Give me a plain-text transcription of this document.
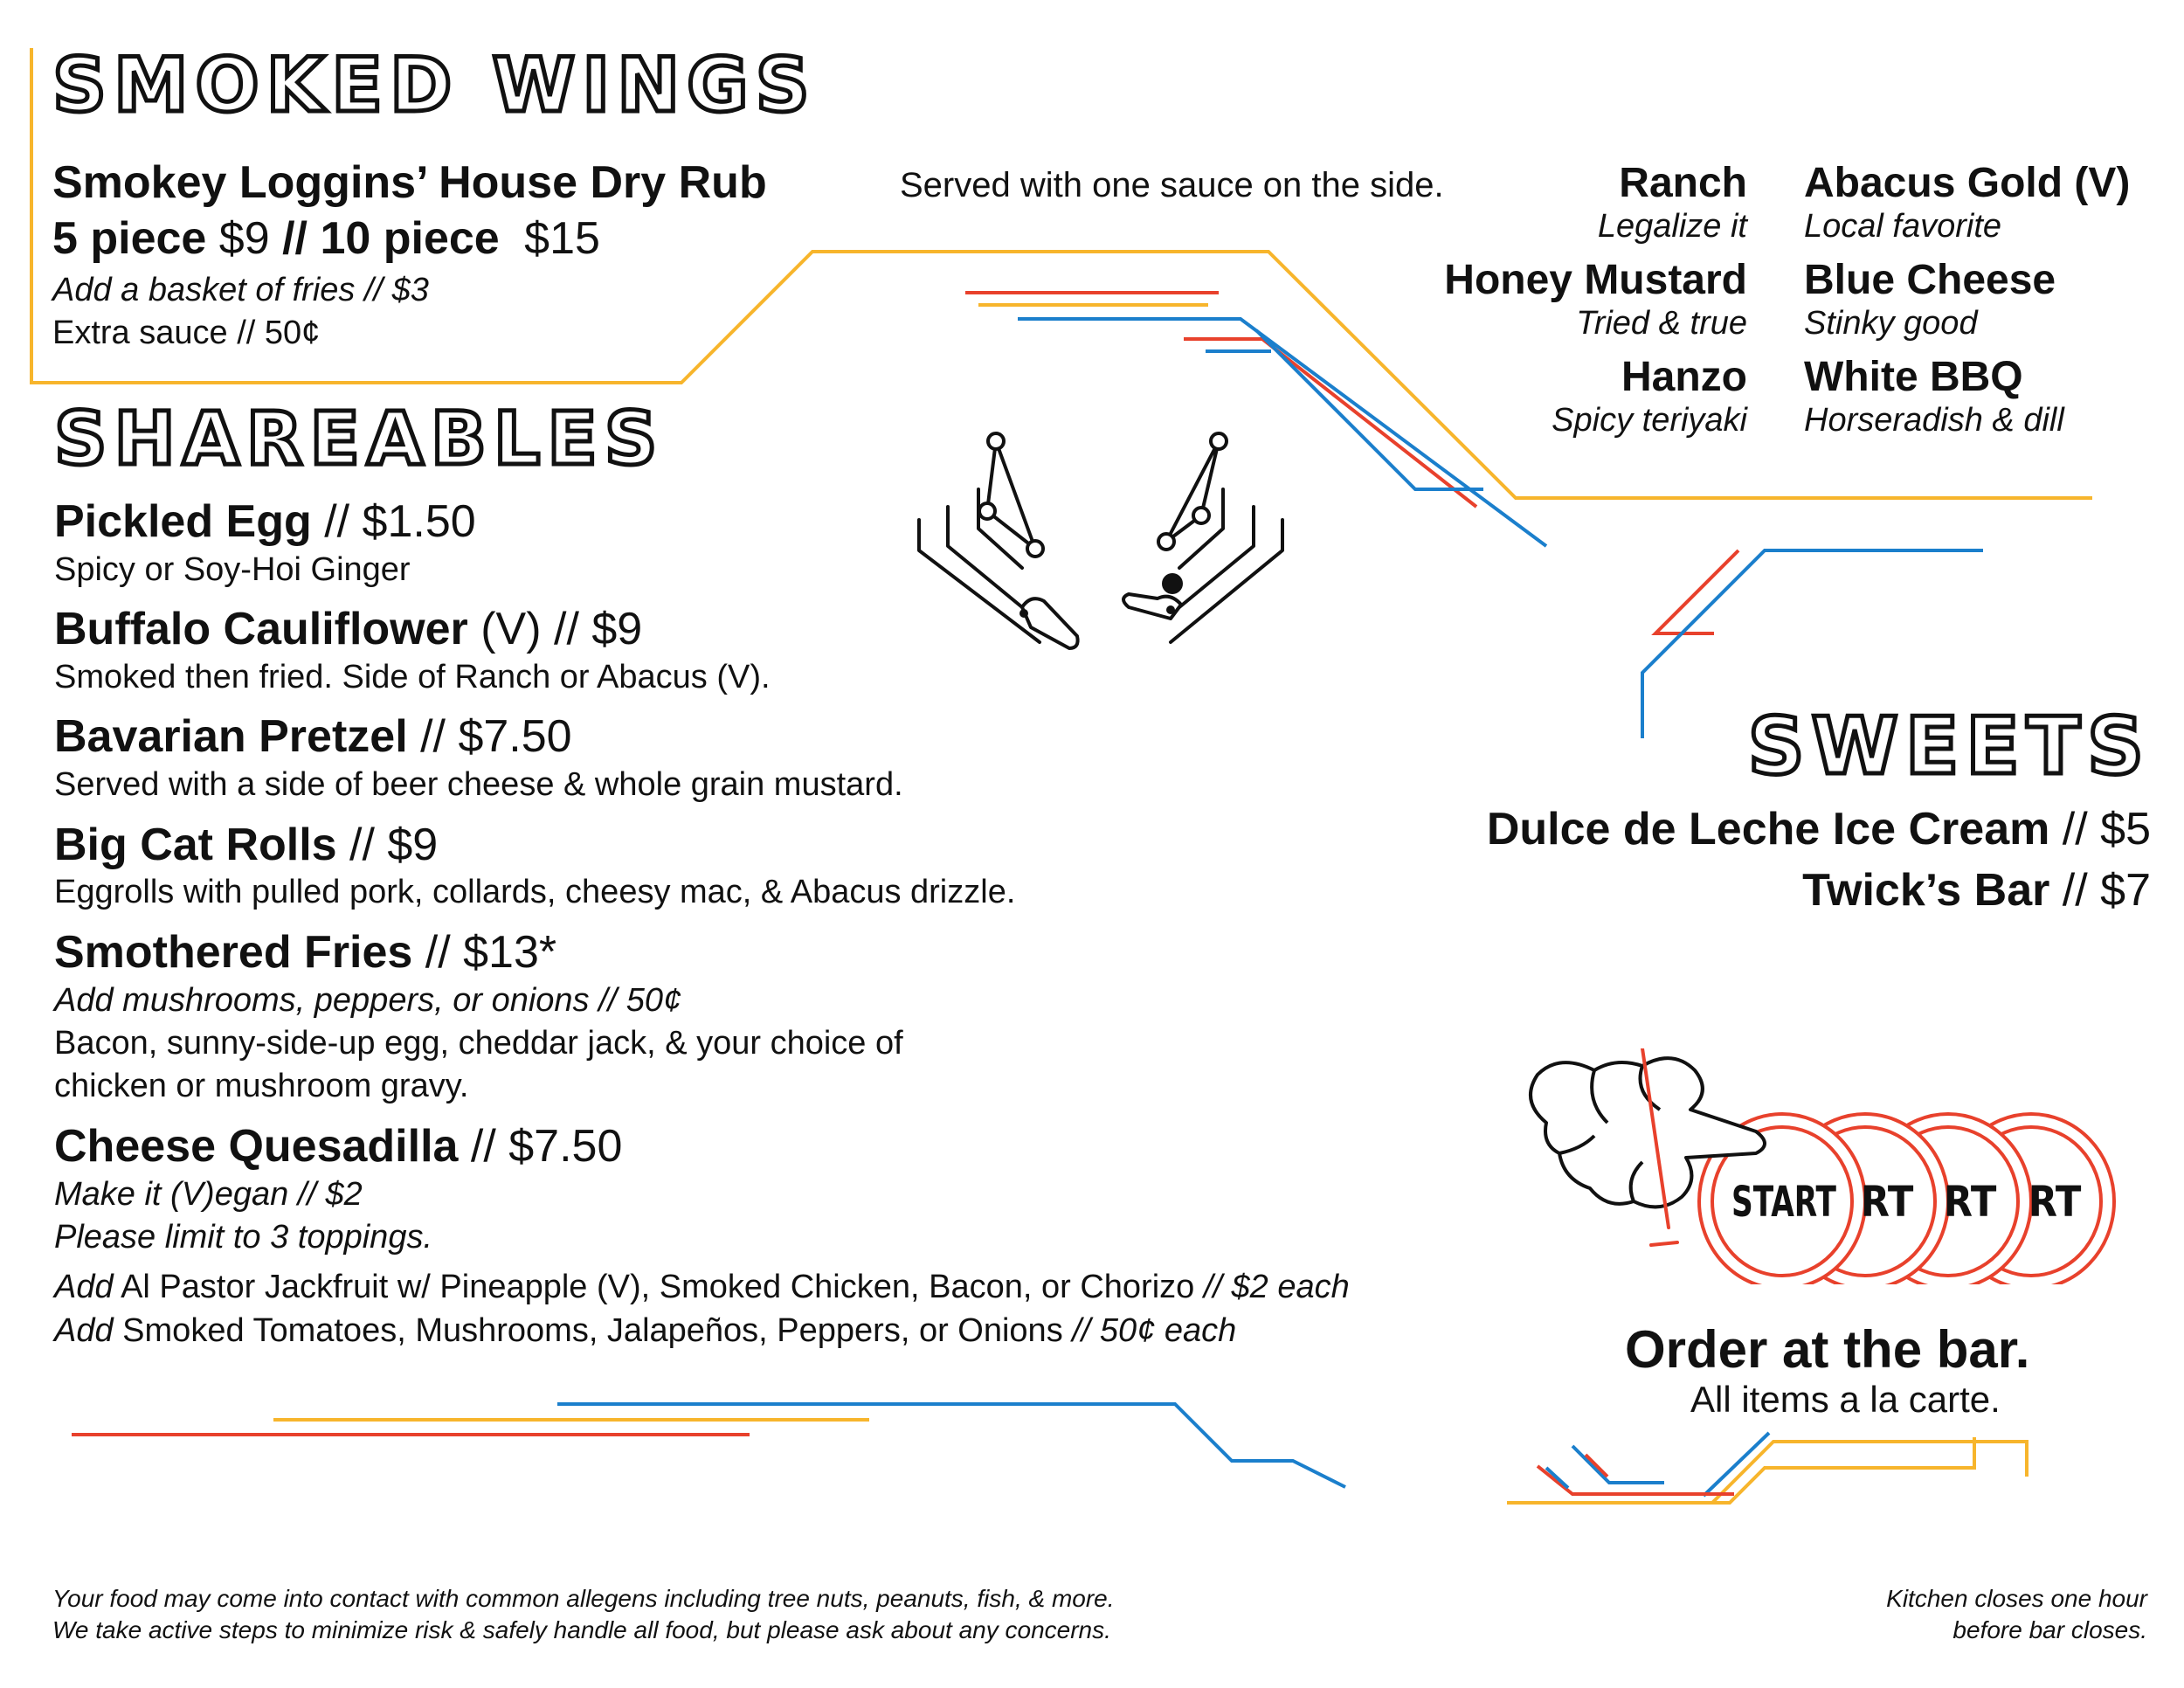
SMOKED WINGS
Smokey Loggins’ House Dry Rub
5 piece $9 // 10 piece $15
Add a basket of fries // $3
Extra sauce // 50¢
Served with one sauce on the side.	Ranch
Legalize it
Honey Mustard
Tried & true
Hanzo
Spicy teriyaki
Abacus Gold (V)
Local favorite
Blue Cheese
Stinky good
White BBQ
Horseradish & dill
SHAREABLES
Pickled Egg // $1.50
Spicy or Soy-Hoi Ginger
Buffalo Cauliflower (V) // $9
Smoked then fried. Side of Ranch or Abacus (V).
Bavarian Pretzel // $7.50
Served with a side of beer cheese & whole grain mustard.
Big Cat Rolls // $9
Eggrolls with pulled pork, collards, cheesy mac, & Abacus drizzle.
Smothered Fries // $13*
Add mushrooms, peppers, or onions // 50¢
Bacon, sunny-side-up egg, cheddar jack, & your choice of
chicken or mushroom gravy.
Cheese Quesadilla // $7.50
Make it (V)egan // $2
Please limit to 3 toppings.
Add Al Pastor Jackfruit w/ Pineapple (V), Smoked Chicken, Bacon, or Chorizo // $2 each
Add Smoked Tomatoes, Mushrooms, Jalapeños, Peppers, or Onions // 50¢ each
SWEETS
Dulce de Leche Ice Cream // $5
Twick’s Bar // $7
START RT RT RT
Order at the bar.
All items a la carte.
Your food may come into contact with common allegens including tree nuts, peanuts, fish, & more.
We take active steps to minimize risk & safely handle all food, but please ask about any concerns.
Kitchen closes one hour
before bar closes.
